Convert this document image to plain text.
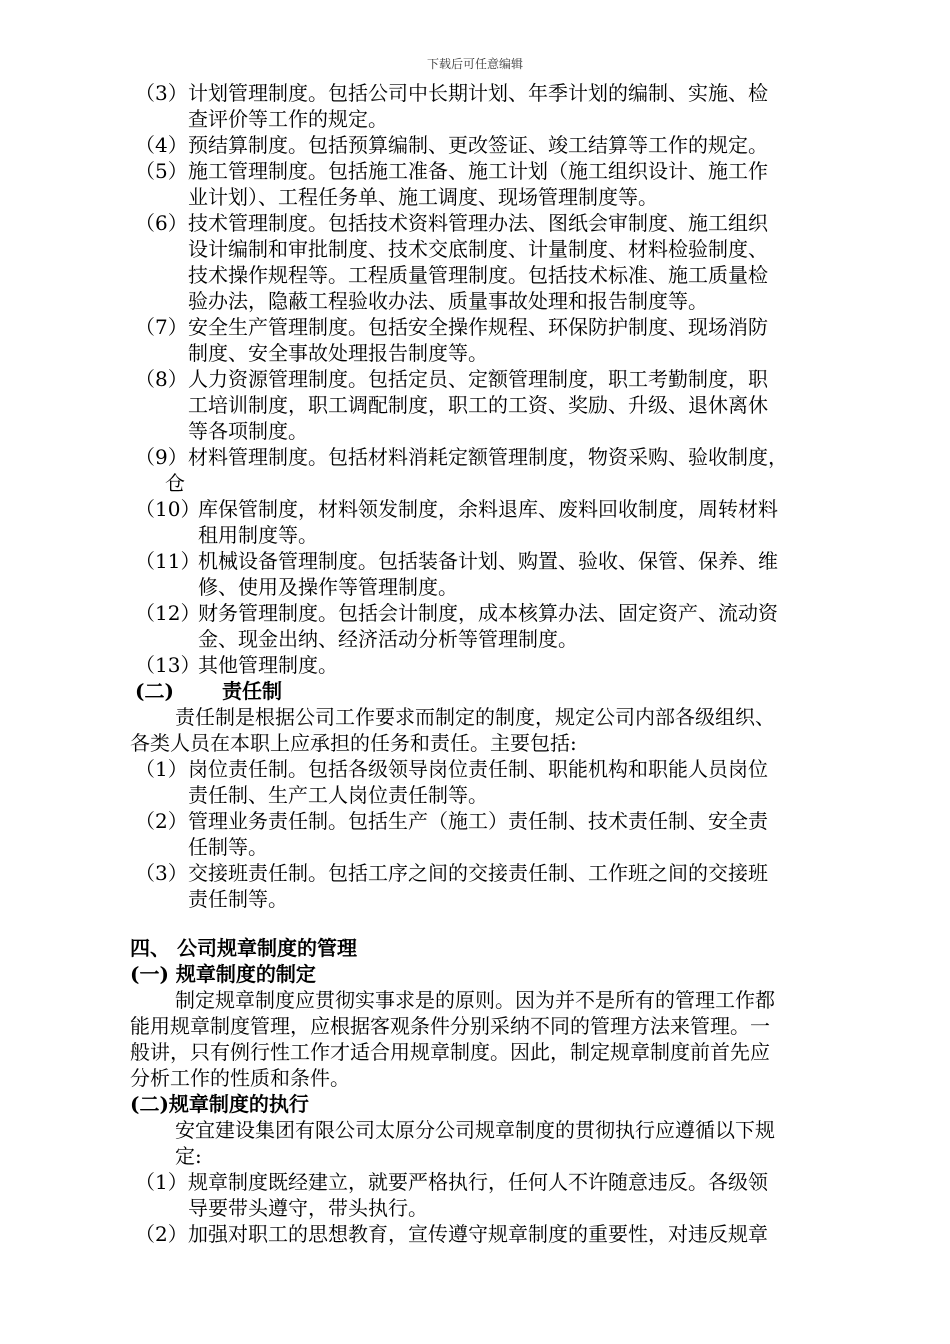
下载后可任意编辑
（3） 计划管理制度。包括公司中长期计划、年季计划的编制、实施、检
查评价等工作的规定。
（4） 预结算制度。包括预算编制、更改签证、竣工结算等工作的规定。
（5） 施工管理制度。包括施工准备、施工计划（施工组织设计、施工作
业计划）、工程任务单、施工调度、现场管理制度等。
（6） 技术管理制度。包括技术资料管理办法、图纸会审制度、施工组织
设计编制和审批制度、技术交底制度、计量制度、材料检验制度、
技术操作规程等。工程质量管理制度。包括技术标准、施工质量检
验办法，隐蔽工程验收办法、质量事故处理和报告制度等。
（7） 安全生产管理制度。包括安全操作规程、环保防护制度、现场消防
制度、安全事故处理报告制度等。
（8） 人力资源管理制度。包括定员、定额管理制度，职工考勤制度，职
工培训制度，职工调配制度，职工的工资、奖励、升级、退休离休
等各项制度。
（9） 材料管理制度。包括材料消耗定额管理制度，物资采购、验收制度，
仓
（10）
库保管制度，材料领发制度，余料退库、废料回收制度，周转材料
租用制度等。
（11）
机械设备管理制度。包括装备计划、购置、验收、保管、保养、维
修、使用及操作等管理制度。
（12）
财务管理制度。包括会计制度，成本核算办法、固定资产、流动资
金、现金出纳、经济活动分析等管理制度。
（13）
其他管理制度。
(二) 责任制
责任制是根据公司工作要求而制定的制度，规定公司内部各级组织、
各类人员在本职上应承担的任务和责任。主要包括:
（1） 岗位责任制。包括各级领导岗位责任制、职能机构和职能人员岗位
责任制、生产工人岗位责任制等。
（2） 管理业务责任制。包括生产（施工）责任制、技术责任制、安全责
任制等。
（3） 交接班责任制。包括工序之间的交接责任制、工作班之间的交接班
责任制等。
四、 公司规章制度的管理
(一) 规章制度的制定
制定规章制度应贯彻实事求是的原则。因为并不是所有的管理工作都
能用规章制度管理，应根据客观条件分别采纳不同的管理方法来管理。一
般讲，只有例行性工作才适合用规章制度。因此，制定规章制度前首先应
分析工作的性质和条件。
(二)规章制度的执行
安宜建设集团有限公司太原分公司规章制度的贯彻执行应遵循以下规
定:
（1） 规章制度既经建立，就要严格执行，任何人不许随意违反。各级领
导要带头遵守，带头执行。
（2） 加强对职工的思想教育，宣传遵守规章制度的重要性，对违反规章
